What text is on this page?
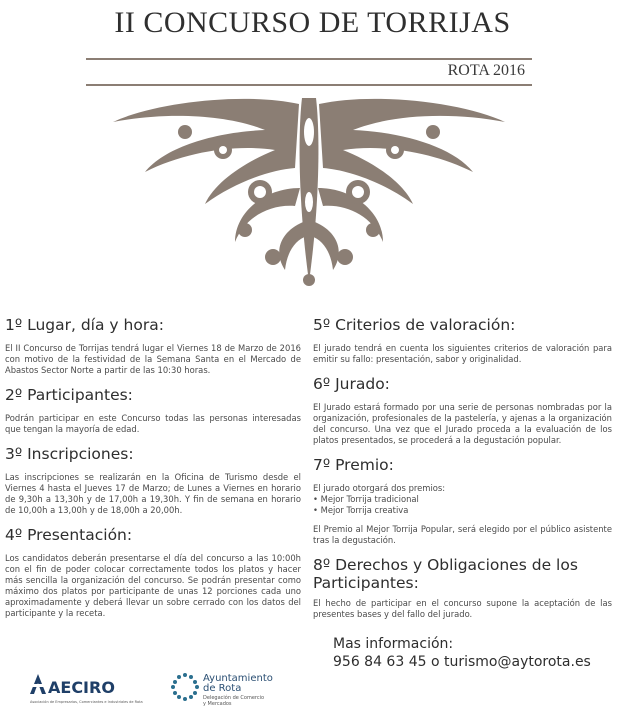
II CONCURSO DE TORRIJAS
ROTA 2016
1º Lugar, día y hora:

El II Concurso de Torrijas tendrá lugar el Viernes 18 de Marzo de 2016 con motivo de la festividad de la Semana Santa en el Mercado de Abastos Sector Norte a partir de las 10:30 horas.

2º Participantes:

Podrán participar en este Concurso todas las personas interesadas que tengan la mayoría de edad.

3º Inscripciones:

Las inscripciones se realizarán en la Oficina de Turismo desde el Viernes 4 hasta el Jueves 17 de Marzo; de Lunes a Viernes en horario de 9,30h a 13,30h y de 17,00h a 19,30h. Y fin de semana en horario de 10,00h a 13,00h y de 18,00h a 20,00h.

4º Presentación:

Los candidatos deberán presentarse el día del concurso a las 10:00h con el fin de poder colocar correctamente todos los platos y hacer más sencilla la organización del concurso. Se podrán presentar como máximo dos platos por participante de unas 12 porciones cada uno aproximadamente y deberá llevar un sobre cerrado con los datos del participante y la receta.

5º Criterios de valoración:

El jurado tendrá en cuenta los siguientes criterios de valoración para emitir su fallo: presentación, sabor y originalidad.

6º Jurado:

El Jurado estará formado por una serie de personas nombradas por la organización, profesionales de la pastelería, y ajenas a la organización del concurso. Una vez que el Jurado proceda a la evaluación de los platos presentados, se procederá a la degustación popular.

7º Premio:

El jurado otorgará dos premios:

• Mejor Torrija tradicional

• Mejor Torrija creativa

El Premio al Mejor Torrija Popular, será elegido por el público asistente tras la degustación.

8º Derechos y Obligaciones de los Participantes:

El hecho de participar en el concurso supone la aceptación de las presentes bases y del fallo del jurado.

Mas información:
956 84 63 45 o turismo@aytorota.es
AECIRO
Asociación de Empresarios, Comerciantes e Industriales de Rota
Ayuntamiento
de Rota
Delegación de Comercio
y Mercados
